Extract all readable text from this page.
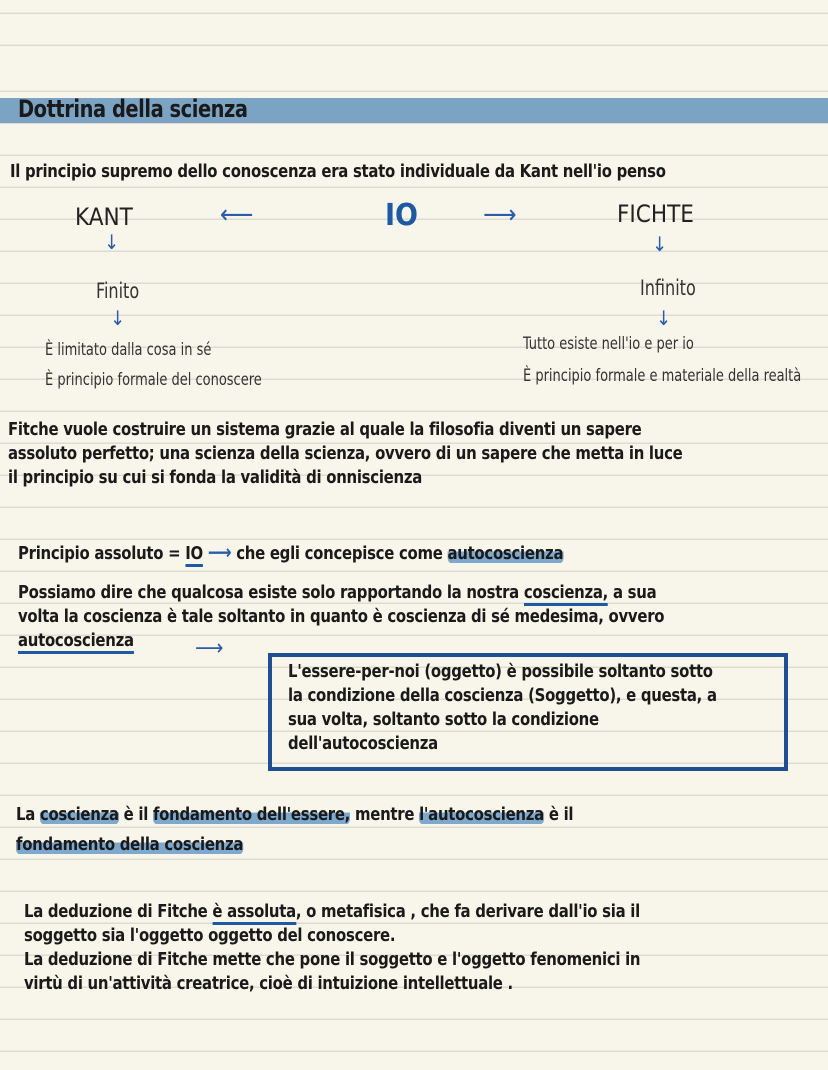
Dottrina della scienza

Il principio supremo dello conoscenza era stato individuale da Kant nell'io penso

KANT	⟵	IO	⟶	FICHTE
↓	↓
Finito	Infinito
↓	↓
È limitato dalla cosa in sé
È principio formale del conoscere
Tutto esiste nell'io e per io
È principio formale e materiale della realtà
Fitche vuole costruire un sistema grazie al quale la filosofia diventi un sapere
assoluto perfetto; una scienza della scienza, ovvero di un sapere che metta in luce
il principio su cui si fonda la validità di onniscienza
Principio assoluto = IO ⟶ che egli concepisce come autocoscienza
Possiamo dire che qualcosa esiste solo rapportando la nostra coscienza, a sua
volta la coscienza è tale soltanto in quanto è coscienza di sé medesima, ovvero
autocoscienza	⟶
L'essere-per-noi (oggetto) è possibile soltanto sotto
la condizione della coscienza (Soggetto), e questa, a
sua volta, soltanto sotto la condizione
dell'autocoscienza
La coscienza è il fondamento dell'essere, mentre l'autocoscienza è il
fondamento della coscienza
La deduzione di Fitche è assoluta, o metafisica , che fa derivare dall'io sia il
soggetto sia l'oggetto oggetto del conoscere.
La deduzione di Fitche mette che pone il soggetto e l'oggetto fenomenici in
virtù di un'attività creatrice, cioè di intuizione intellettuale .
